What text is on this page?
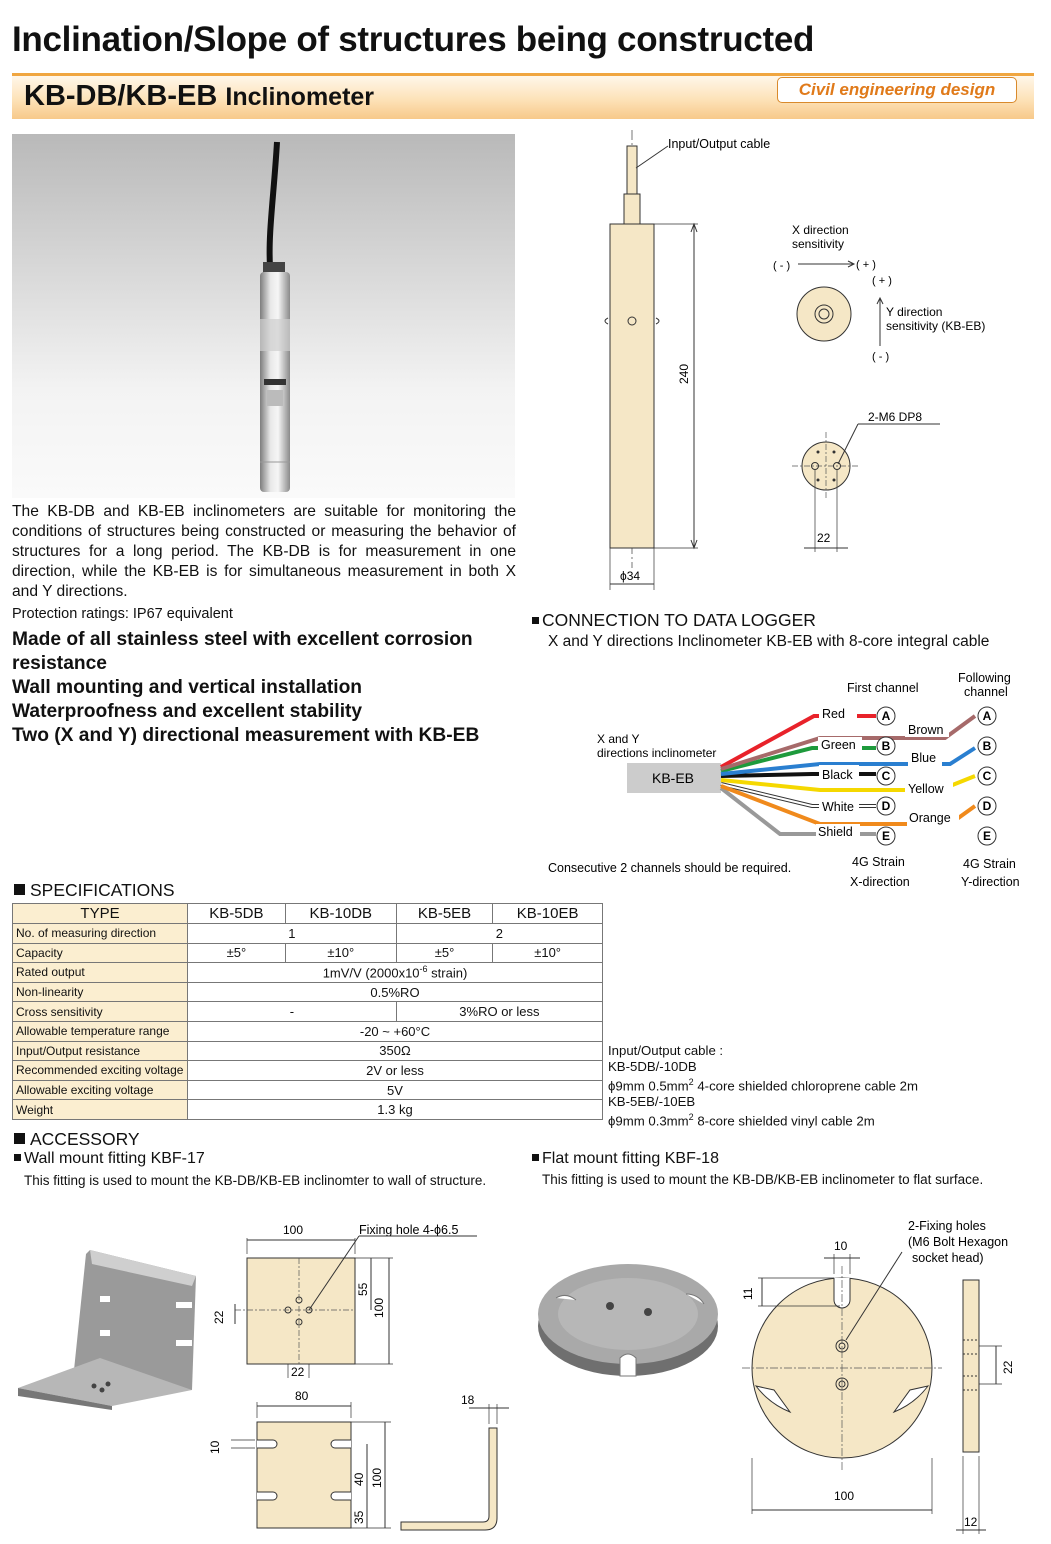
Inclination/Slope of structures being constructed
KB-DB/KB-EB Inclinometer	Civil engineering design
The KB-DB and KB-EB inclinometers are suitable for monitoring the conditions of structures being constructed or measuring the behavior of structures for a long period. The KB-DB is for measurement in one direction, while the KB-EB is for simultaneous measurement in both X and Y directions.
Protection ratings: IP67 equivalent
Made of all stainless steel with excellent corrosion resistance
Wall mounting and vertical installation
Waterproofness and excellent stability
Two (X and Y) directional measurement with KB-EB
Input/Output cable
240
ϕ34
X direction
sensitivity
( - )	( + )
( + )
Y direction
sensitivity (KB-EB)
( - )
2-M6 DP8
22
CONNECTION TO DATA LOGGER
X and Y directions Inclinometer KB-EB with 8-core integral cable
First channel
Following
channel
X and Y
directions inclinometer
KB-EB
Red
Green
Black
White
Shield
Brown
Blue
Yellow
Orange
A
B
C
D
E
A
B
C
D
E
Consecutive 2 channels should be required.	4G Strain
X-direction
4G Strain
Y-direction
SPECIFICATIONS
TYPE	KB-5DB	KB-10DB	KB-5EB	KB-10EB
No. of measuring direction	1		2	
Capacity	±5°	±10°	±5°	±10°
Rated output	1mV/V ($2000x10^{-6}$ strain)			
Non-linearity	0.5%RO			
Cross sensitivity	-		3%RO or less	
Allowable temperature range	-20 ~ +60°C			
Input/Output resistance	350Ω			
Recommended exciting voltage	2V or less			
Allowable exciting voltage	5V			
Weight	1.3 kg			
Input/Output cable :
KB-5DB/-10DB
ϕ9mm $0.5mm^2$ 4-core shielded chloroprene cable 2m
KB-5EB/-10EB
ϕ9mm $0.3mm^2$ 8-core shielded vinyl cable 2m
ACCESSORY
Wall mount fitting KBF-17
This fitting is used to mount the KB-DB/KB-EB inclinomter to wall of structure.
Flat mount fitting KBF-18
This fitting is used to mount the KB-DB/KB-EB inclinometer to flat surface.
100	Fixing hole 4-ϕ6.5
55
100
22
22
80
40 100
35
10
18
2-Fixing holes
(M6 Bolt Hexagon
socket head)
10
11
100
22
12
